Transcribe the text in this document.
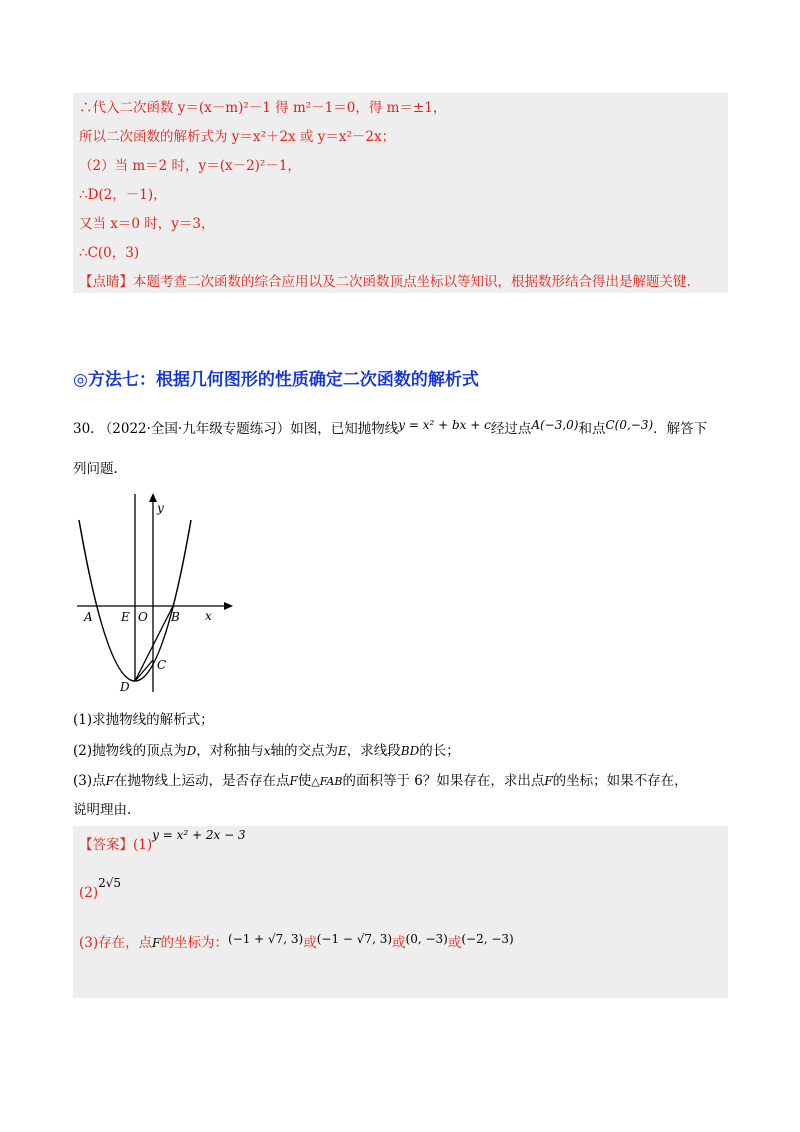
∴代入二次函数 y＝(x－m)²－1 得 m²－1＝0，得 m＝±1，
所以二次函数的解析式为 y＝x²＋2x 或 y＝x²－2x；
（2）当 m＝2 时，y＝(x－2)²－1，
∴D(2，－1)，
又当 x＝0 时，y＝3，
∴C(0，3)
【点睛】本题考查二次函数的综合应用以及二次函数顶点坐标以等知识，根据数形结合得出是解题关键.
◎方法七：根据几何图形的性质确定二次函数的解析式
30. （2022·全国·九年级专题练习）如图，已知抛物线y = x² + bx + c经过点A(−3,0)和点C(0,−3)．解答下
列问题.
y
x
A E O B
C
D
(1)求抛物线的解析式；
(2)抛物线的顶点为D，对称抽与x轴的交点为E，求线段BD的长；
(3)点F在抛物线上运动，是否存在点F使△FAB的面积等于 6？如果存在，求出点F的坐标；如果不存在，
说明理由.
【答案】(1)y = x² + 2x − 3
(2)2√5
(3)存在，点F的坐标为：(−1 + √7, 3)或(−1 − √7, 3)或(0, −3)或(−2, −3)
